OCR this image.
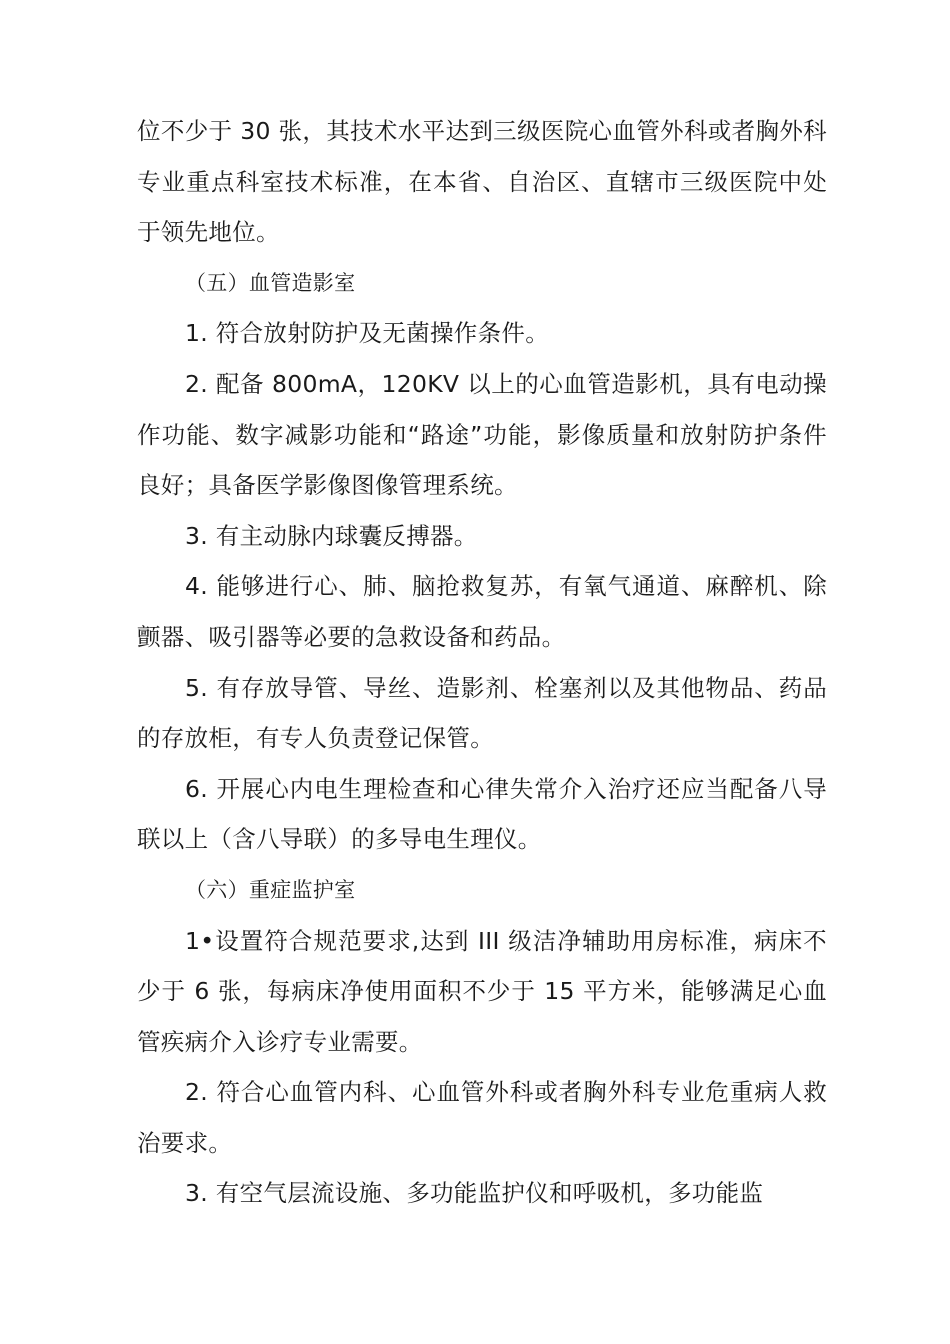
位不少于 30 张，其技术水平达到三级医院心血管外科或者胸外科专业重点科室技术标准，在本省、自治区、直辖市三级医院中处于领先地位。

（五）血管造影室

1. 符合放射防护及无菌操作条件。

2. 配备 800mA，120KV 以上的心血管造影机，具有电动操作功能、数字减影功能和“路途”功能，影像质量和放射防护条件良好；具备医学影像图像管理系统。

3. 有主动脉内球囊反搏器。

4. 能够进行心、肺、脑抢救复苏，有氧气通道、麻醉机、除颤器、吸引器等必要的急救设备和药品。

5. 有存放导管、导丝、造影剂、栓塞剂以及其他物品、药品的存放柜，有专人负责登记保管。

6. 开展心内电生理检查和心律失常介入治疗还应当配备八导联以上（含八导联）的多导电生理仪。

（六）重症监护室

1•设置符合规范要求,达到 III 级洁净辅助用房标准，病床不少于 6 张，每病床净使用面积不少于 15 平方米，能够满足心血管疾病介入诊疗专业需要。

2. 符合心血管内科、心血管外科或者胸外科专业危重病人救治要求。

3. 有空气层流设施、多功能监护仪和呼吸机，多功能监
